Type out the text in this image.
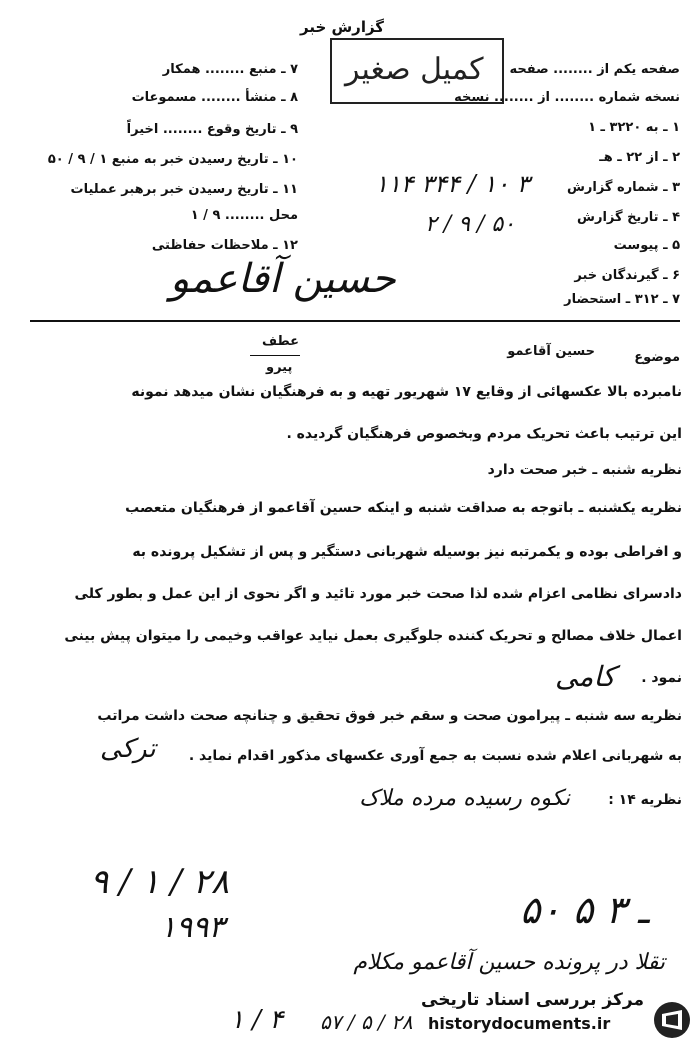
گزارش خبر
کمیل صغیر صفحه یکم از ........ صفحه
نسخه شماره ........ از ........ نسخه
۱ ـ به ۳۲۲۰ ـ ۱
۲ ـ از ۲۲ ـ هـ
۳ ـ شماره گزارش
۴ ـ تاریخ گزارش
۵ ـ پیوست
۶ ـ گیرندگان خبر
۷ ـ ۳۱۲ ـ استحضار
۱۱۴ ۳۴۴ / ۱۰ ۳
۲ / ۹ / ۵۰
۷ ـ منبع ........ همکار
۸ ـ منشأ ........ مسموعات
۹ ـ تاریخ وقوع ........ اخیراً
۱۰ ـ تاریخ رسیدن خبر به منبع ۱ / ۹ / ۵۰
۱۱ ـ تاریخ رسیدن خبر برهبر عملیات
محل ........ ۹ / ۱
۱۲ ـ ملاحظات حفاظتی
حسین آقاعمو
موضوع
حسین آقاعمو
عطف
پیرو
نامبرده بالا عکسهائی از وقایع ۱۷ شهریور تهیه و به فرهنگیان نشان میدهد نمونه
این ترتیب باعث تحریک مردم وبخصوص فرهنگیان گردیده .
نظریه شنبه ـ خبر صحت دارد
نظریه یکشنبه ـ باتوجه به صداقت شنبه و اینکه حسین آقاعمو از فرهنگیان متعصب
و افراطی بوده و یکمرتبه نیز بوسیله شهربانی دستگیر و پس از تشکیل پرونده به
دادسرای نظامی اعزام شده لذا صحت خبر مورد تائید و اگر نحوی از این عمل و بطور کلی
اعمال خلاف مصالح و تحریک کننده جلوگیری بعمل نیاید عواقب وخیمی را میتوان پیش بینی
نمود .
کامی
نظریه سه شنبه ـ پیرامون صحت و سقم خبر فوق تحقیق و چنانچه صحت داشت مراتب
به شهربانی اعلام شده نسبت به جمع آوری عکسهای مذکور اقدام نماید .
ترکی
نظریه ۱۴ :
نکوه رسیده مرده ملاک
۹ / ۱ / ۲۸
۱۹۹۳	۵۰ ـ ۳ ۵
تقلا در پرونده حسین آقاعمو مکلام
۱ / ۴ ۵۷ / ۵ / ۲۸
مرکز بررسی اسناد تاریخی
historydocuments.ir
